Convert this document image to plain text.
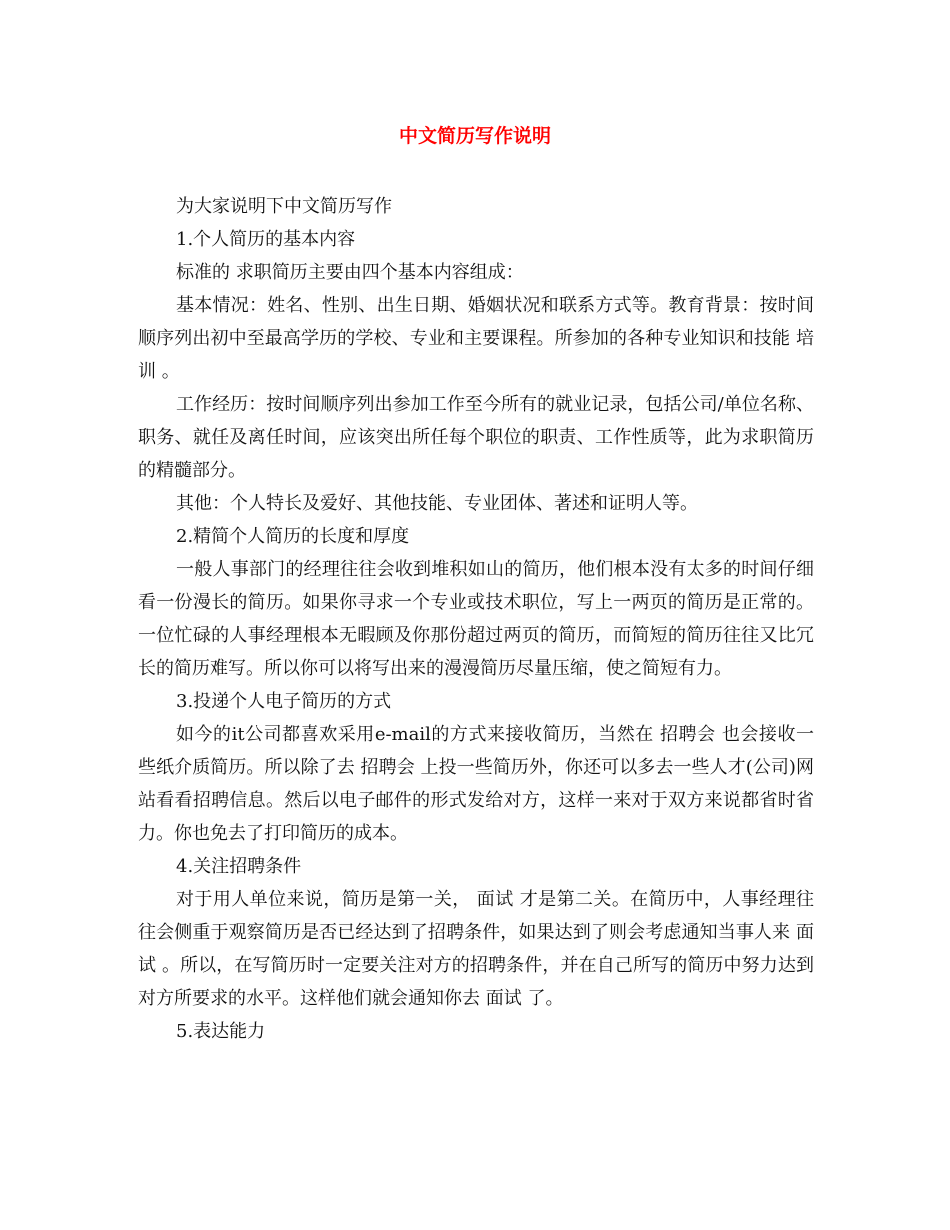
中文简历写作说明

为大家说明下中文简历写作

1.个人简历的基本内容

标准的 求职简历主要由四个基本内容组成：

基本情况：姓名、性别、出生日期、婚姻状况和联系方式等。教育背景：按时间顺序列出初中至最高学历的学校、专业和主要课程。所参加的各种专业知识和技能 培训 。

工作经历：按时间顺序列出参加工作至今所有的就业记录，包括公司/单位名称、职务、就任及离任时间，应该突出所任每个职位的职责、工作性质等，此为求职简历的精髓部分。

其他：个人特长及爱好、其他技能、专业团体、著述和证明人等。

2.精简个人简历的长度和厚度

一般人事部门的经理往往会收到堆积如山的简历，他们根本没有太多的时间仔细看一份漫长的简历。如果你寻求一个专业或技术职位，写上一两页的简历是正常的。一位忙碌的人事经理根本无暇顾及你那份超过两页的简历，而简短的简历往往又比冗长的简历难写。所以你可以将写出来的漫漫简历尽量压缩，使之简短有力。

3.投递个人电子简历的方式

如今的it公司都喜欢采用e-mail的方式来接收简历，当然在 招聘会 也会接收一些纸介质简历。所以除了去 招聘会 上投一些简历外，你还可以多去一些人才(公司)网站看看招聘信息。然后以电子邮件的形式发给对方，这样一来对于双方来说都省时省力。你也免去了打印简历的成本。

4.关注招聘条件

对于用人单位来说，简历是第一关， 面试 才是第二关。在简历中，人事经理往往会侧重于观察简历是否已经达到了招聘条件，如果达到了则会考虑通知当事人来 面试 。所以，在写简历时一定要关注对方的招聘条件，并在自己所写的简历中努力达到对方所要求的水平。这样他们就会通知你去 面试 了。

5.表达能力
